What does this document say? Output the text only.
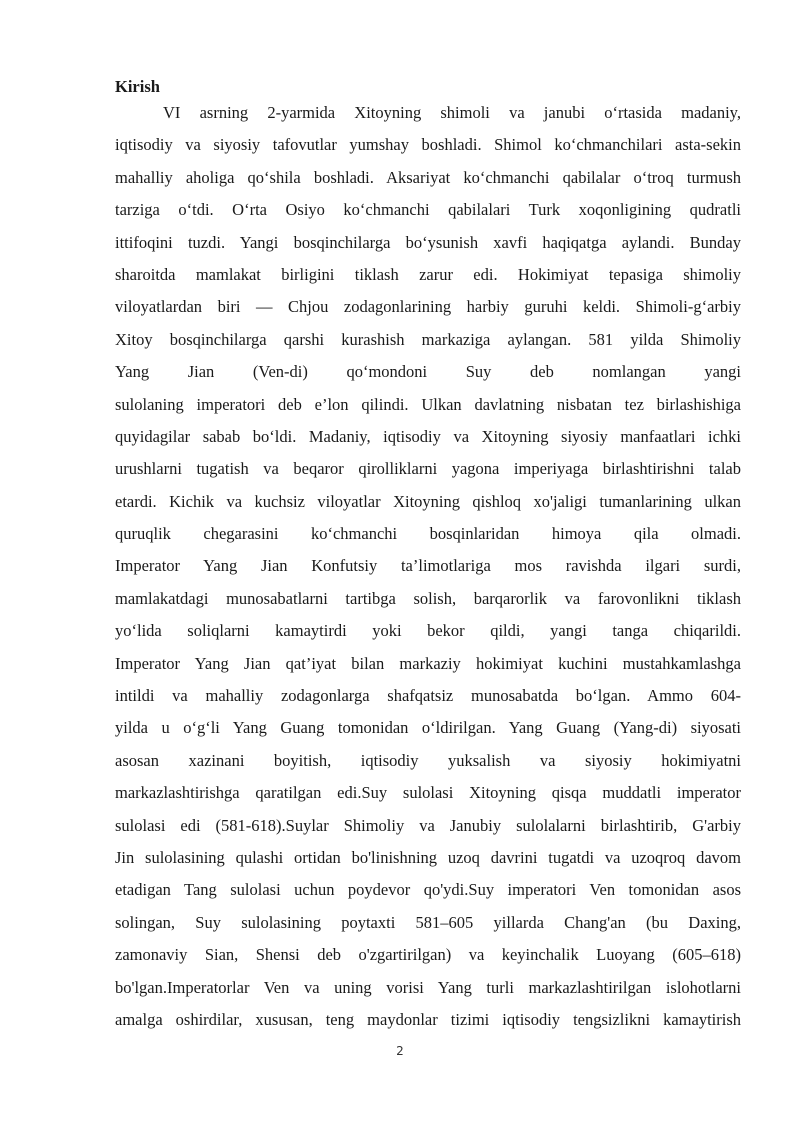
Kirish
VI asrning 2-yarmida Xitoyning shimoli va janubi o‘rtasida madaniy,
iqtisodiy va siyosiy tafovutlar yumshay boshladi. Shimol ko‘chmanchilari asta-sekin
mahalliy aholiga qo‘shila boshladi. Aksariyat ko‘chmanchi qabilalar o‘troq turmush
tarziga o‘tdi. O‘rta Osiyo ko‘chmanchi qabilalari Turk xoqonligining qudratli
ittifoqini tuzdi. Yangi bosqinchilarga bo‘ysunish xavfi haqiqatga aylandi. Bunday
sharoitda mamlakat birligini tiklash zarur edi. Hokimiyat tepasiga shimoliy
viloyatlardan biri — Chjou zodagonlarining harbiy guruhi keldi. Shimoli-g‘arbiy
Xitoy bosqinchilarga qarshi kurashish markaziga aylangan. 581 yilda Shimoliy
Yang Jian (Ven-di) qo‘mondoni Suy deb nomlangan yangi
sulolaning imperatori deb e’lon qilindi. Ulkan davlatning nisbatan tez birlashishiga
quyidagilar sabab bo‘ldi. Madaniy, iqtisodiy va Xitoyning siyosiy manfaatlari ichki
urushlarni tugatish va beqaror qirolliklarni yagona imperiyaga birlashtirishni talab
etardi. Kichik va kuchsiz viloyatlar Xitoyning qishloq xo'jaligi tumanlarining ulkan
quruqlik chegarasini ko‘chmanchi bosqinlaridan himoya qila olmadi.
Imperator Yang Jian Konfutsiy ta’limotlariga mos ravishda ilgari surdi,
mamlakatdagi munosabatlarni tartibga solish, barqarorlik va farovonlikni tiklash
yo‘lida soliqlarni kamaytirdi yoki bekor qildi, yangi tanga chiqarildi.
Imperator Yang Jian qat’iyat bilan markaziy hokimiyat kuchini mustahkamlashga
intildi va mahalliy zodagonlarga shafqatsiz munosabatda bo‘lgan. Ammo 604-
yilda u o‘g‘li Yang Guang tomonidan o‘ldirilgan. Yang Guang (Yang-di) siyosati
asosan xazinani boyitish, iqtisodiy yuksalish va siyosiy hokimiyatni
markazlashtirishga qaratilgan edi.Suy sulolasi Xitoyning qisqa muddatli imperator
sulolasi edi (581-618).Suylar Shimoliy va Janubiy sulolalarni birlashtirib, G'arbiy
Jin sulolasining qulashi ortidan bo'linishning uzoq davrini tugatdi va uzoqroq davom
etadigan Tang sulolasi uchun poydevor qo'ydi.Suy imperatori Ven tomonidan asos
solingan, Suy sulolasining poytaxti 581–605 yillarda Chang'an (bu Daxing,
zamonaviy Sian, Shensi deb o'zgartirilgan) va keyinchalik Luoyang (605–618)
bo'lgan.Imperatorlar Ven va uning vorisi Yang turli markazlashtirilgan islohotlarni
amalga oshirdilar, xususan, teng maydonlar tizimi iqtisodiy tengsizlikni kamaytirish
2
